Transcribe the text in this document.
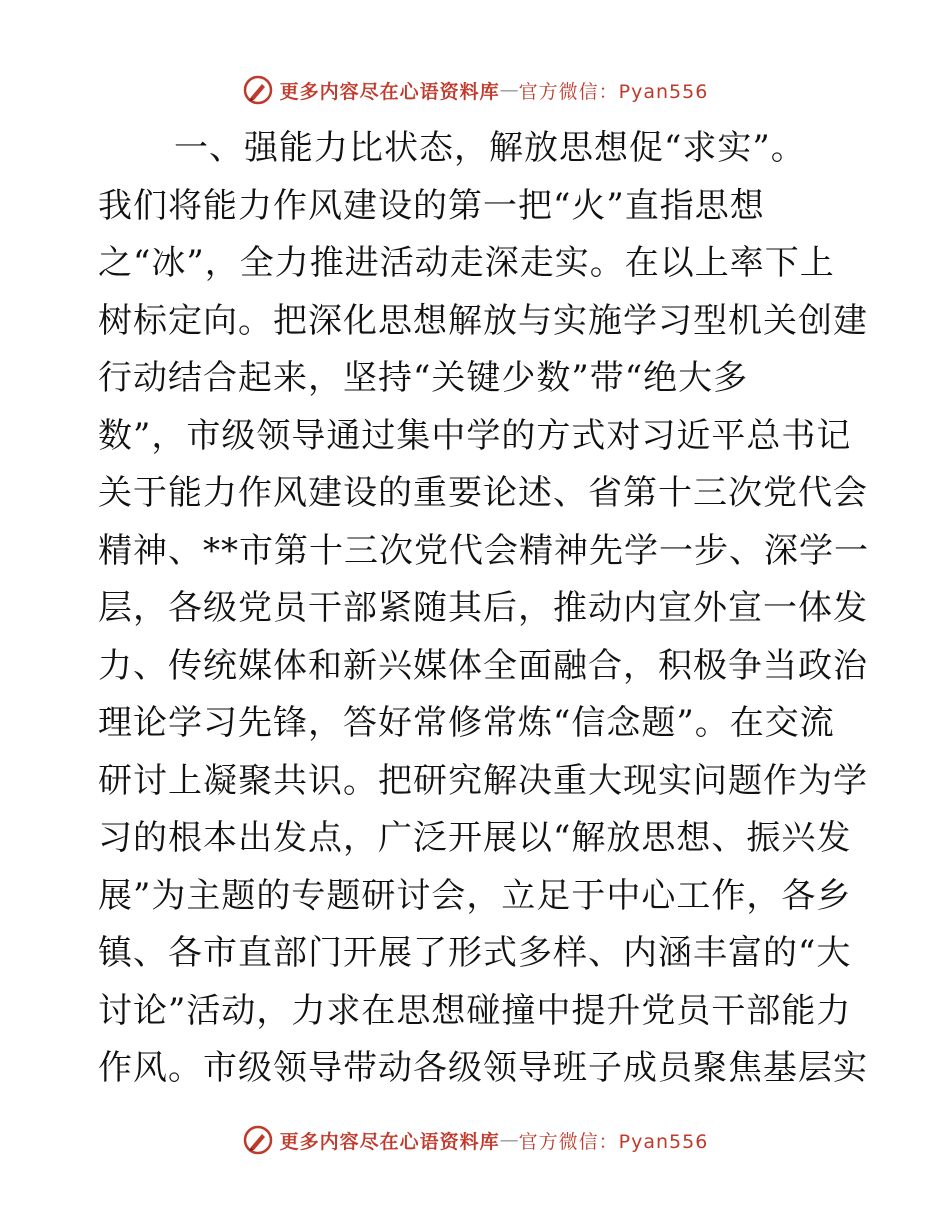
更多内容尽在心语资料库 — 官方微信：Pyan556
一、强能力比状态，解放思想促“求实”。
我们将能力作风建设的第一把“火”直指思想
之“冰”，全力推进活动走深走实。在以上率下上
树标定向。把深化思想解放与实施学习型机关创建
行动结合起来，坚持“关键少数”带“绝大多
数”，市级领导通过集中学的方式对习近平总书记
关于能力作风建设的重要论述、省第十三次党代会
精神、**市第十三次党代会精神先学一步、深学一
层，各级党员干部紧随其后，推动内宣外宣一体发
力、传统媒体和新兴媒体全面融合，积极争当政治
理论学习先锋，答好常修常炼“信念题”。在交流
研讨上凝聚共识。把研究解决重大现实问题作为学
习的根本出发点，广泛开展以“解放思想、振兴发
展”为主题的专题研讨会，立足于中心工作，各乡
镇、各市直部门开展了形式多样、内涵丰富的“大
讨论”活动，力求在思想碰撞中提升党员干部能力
作风。市级领导带动各级领导班子成员聚焦基层实
更多内容尽在心语资料库 — 官方微信：Pyan556
